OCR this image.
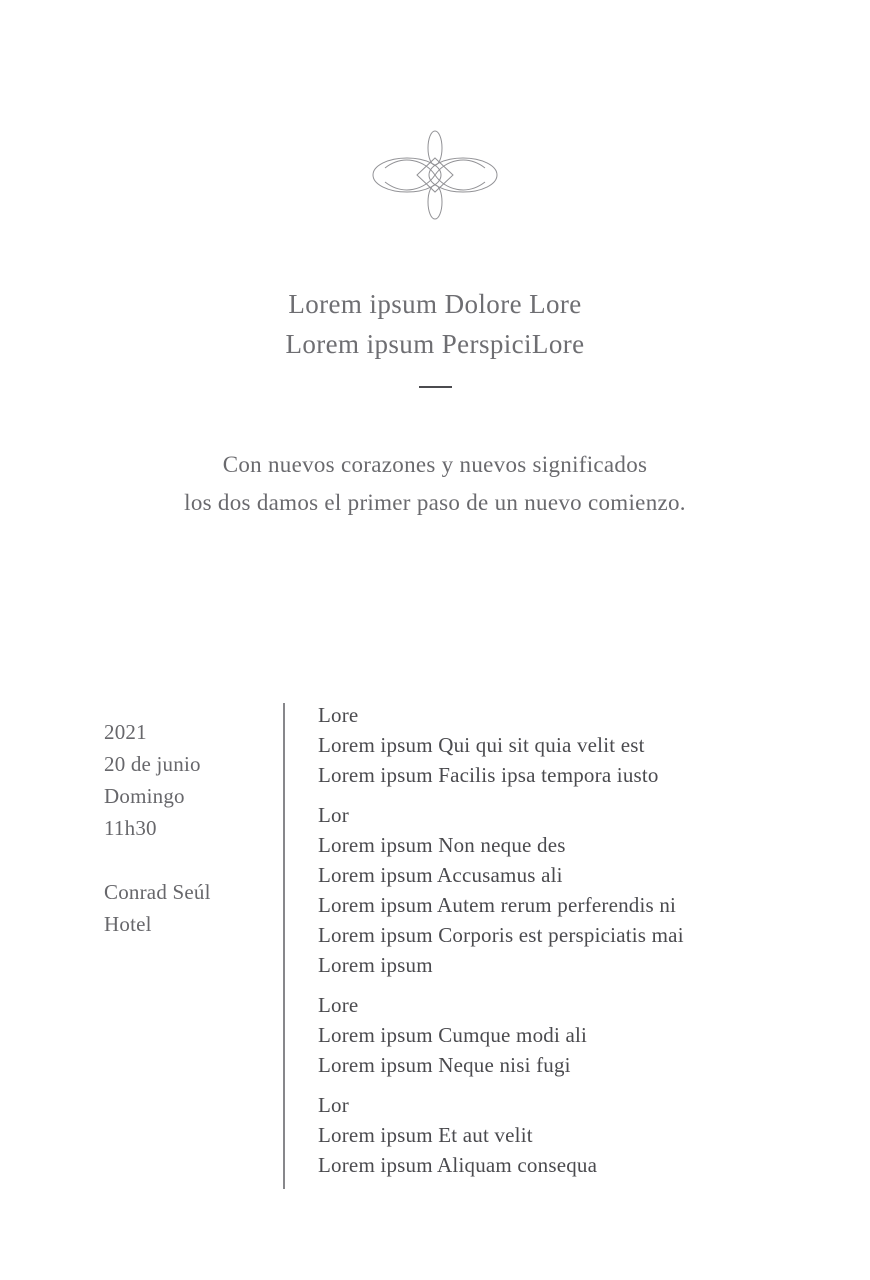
Lorem ipsum Dolore Lore
Lorem ipsum PerspiciLore
Con nuevos corazones y nuevos significados
los dos damos el primer paso de un nuevo comienzo.
2021
20 de junio
Domingo
11h30
Conrad Seúl
Hotel
Lore
Lorem ipsum Qui qui sit quia velit est
Lorem ipsum Facilis ipsa tempora iusto
Lor
Lorem ipsum Non neque des
Lorem ipsum Accusamus ali
Lorem ipsum Autem rerum perferendis ni
Lorem ipsum Corporis est perspiciatis mai
Lorem ipsum
Lore
Lorem ipsum Cumque modi ali
Lorem ipsum Neque nisi fugi
Lor
Lorem ipsum Et aut velit
Lorem ipsum Aliquam consequa
